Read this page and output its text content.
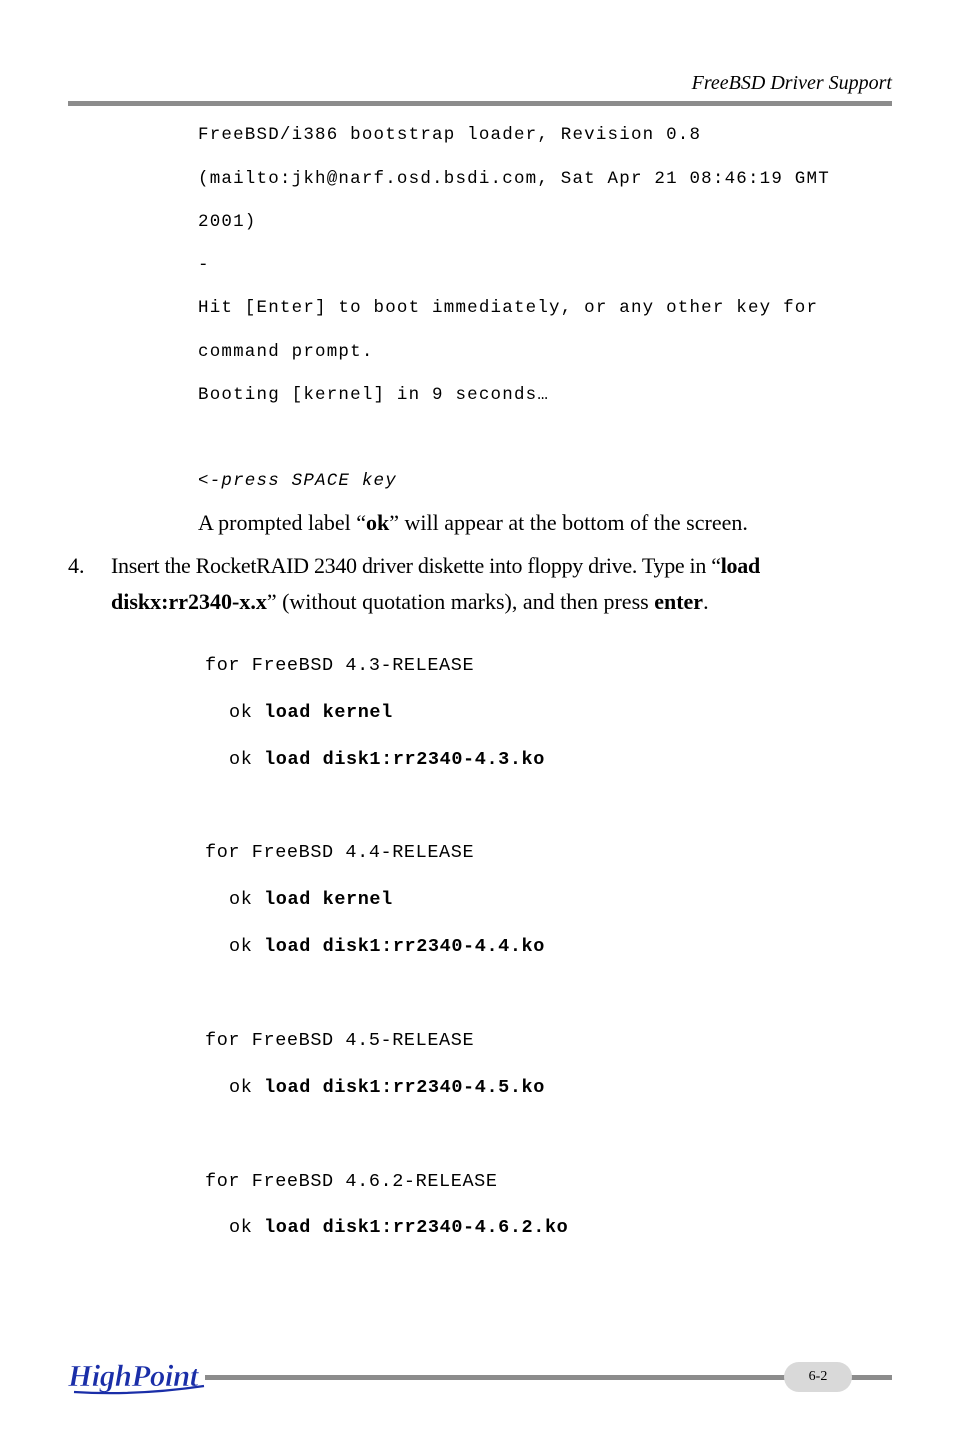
FreeBSD Driver Support
FreeBSD/i386 bootstrap loader, Revision 0.8
(mailto:jkh@narf.osd.bsdi.com, Sat Apr 21 08:46:19 GMT
2001)
-
Hit [Enter] to boot immediately, or any other key for
command prompt.
Booting [kernel] in 9 seconds…
<-press SPACE key
A prompted label “ok” will appear at the bottom of the screen.
4. Insert the RocketRAID 2340 driver diskette into floppy drive. Type in “load
diskx:rr2340-x.x” (without quotation marks), and then press enter.
for FreeBSD 4.3-RELEASE
ok load kernel
ok load disk1:rr2340-4.3.ko
for FreeBSD 4.4-RELEASE
ok load kernel
ok load disk1:rr2340-4.4.ko
for FreeBSD 4.5-RELEASE
ok load disk1:rr2340-4.5.ko
for FreeBSD 4.6.2-RELEASE
ok load disk1:rr2340-4.6.2.ko
6-2
HighPoint
